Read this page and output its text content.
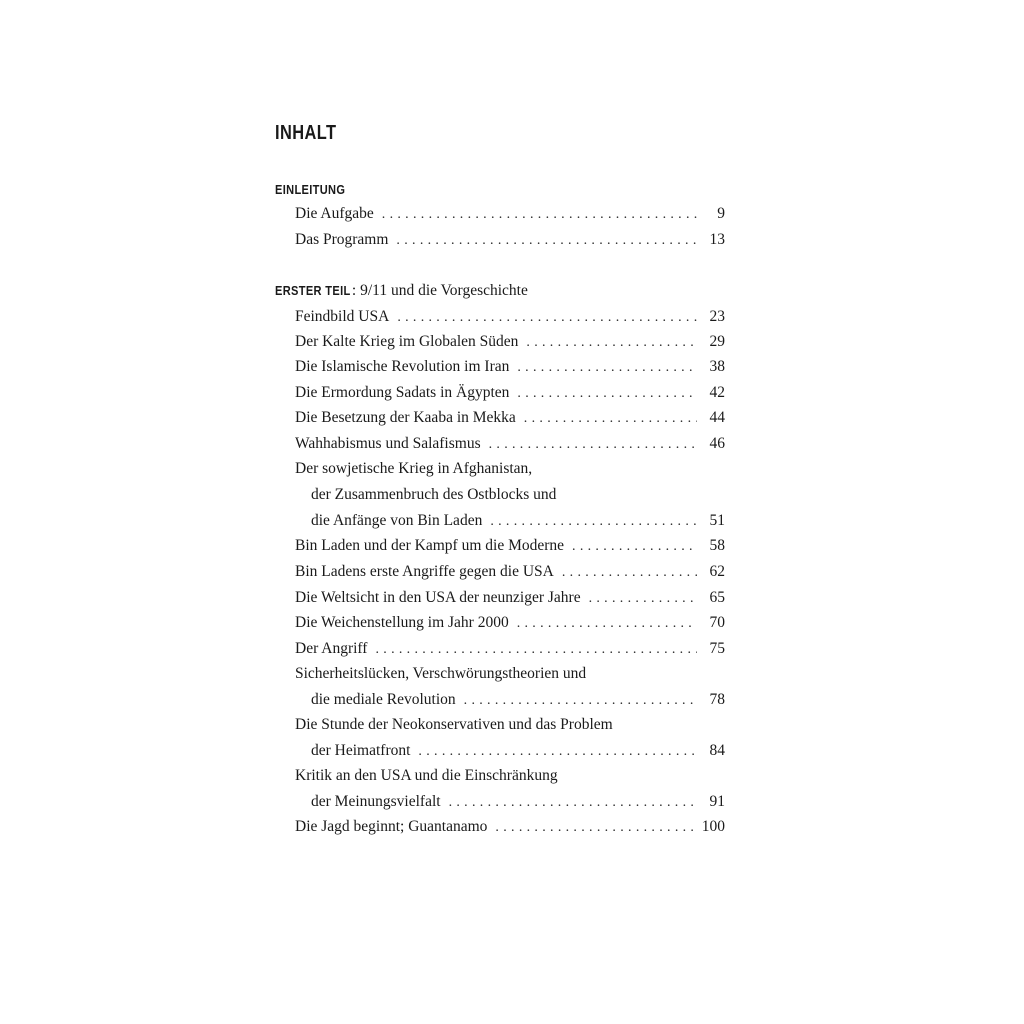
INHALT
EINLEITUNG
Die Aufgabe . . .	9
Das Programm . . .	13
ERSTER TEIL: 9/11 und die Vorgeschichte
Feindbild USA . . .	23
Der Kalte Krieg im Globalen Süden . . .	29
Die Islamische Revolution im Iran . . .	38
Die Ermordung Sadats in Ägypten . . .	42
Die Besetzung der Kaaba in Mekka . . .	44
Wahhabismus und Salafismus . . .	46
Der sowjetische Krieg in Afghanistan,
der Zusammenbruch des Ostblocks und
die Anfänge von Bin Laden . . .	51
Bin Laden und der Kampf um die Moderne . . .	58
Bin Ladens erste Angriffe gegen die USA . . .	62
Die Weltsicht in den USA der neunziger Jahre . . .	65
Die Weichenstellung im Jahr 2000 . . .	70
Der Angriff . . .	75
Sicherheitslücken, Verschwörungstheorien und
die mediale Revolution . . .	78
Die Stunde der Neokonservativen und das Problem
der Heimatfront . . .	84
Kritik an den USA und die Einschränkung
der Meinungsvielfalt . . .	91
Die Jagd beginnt; Guantanamo . . .	100
